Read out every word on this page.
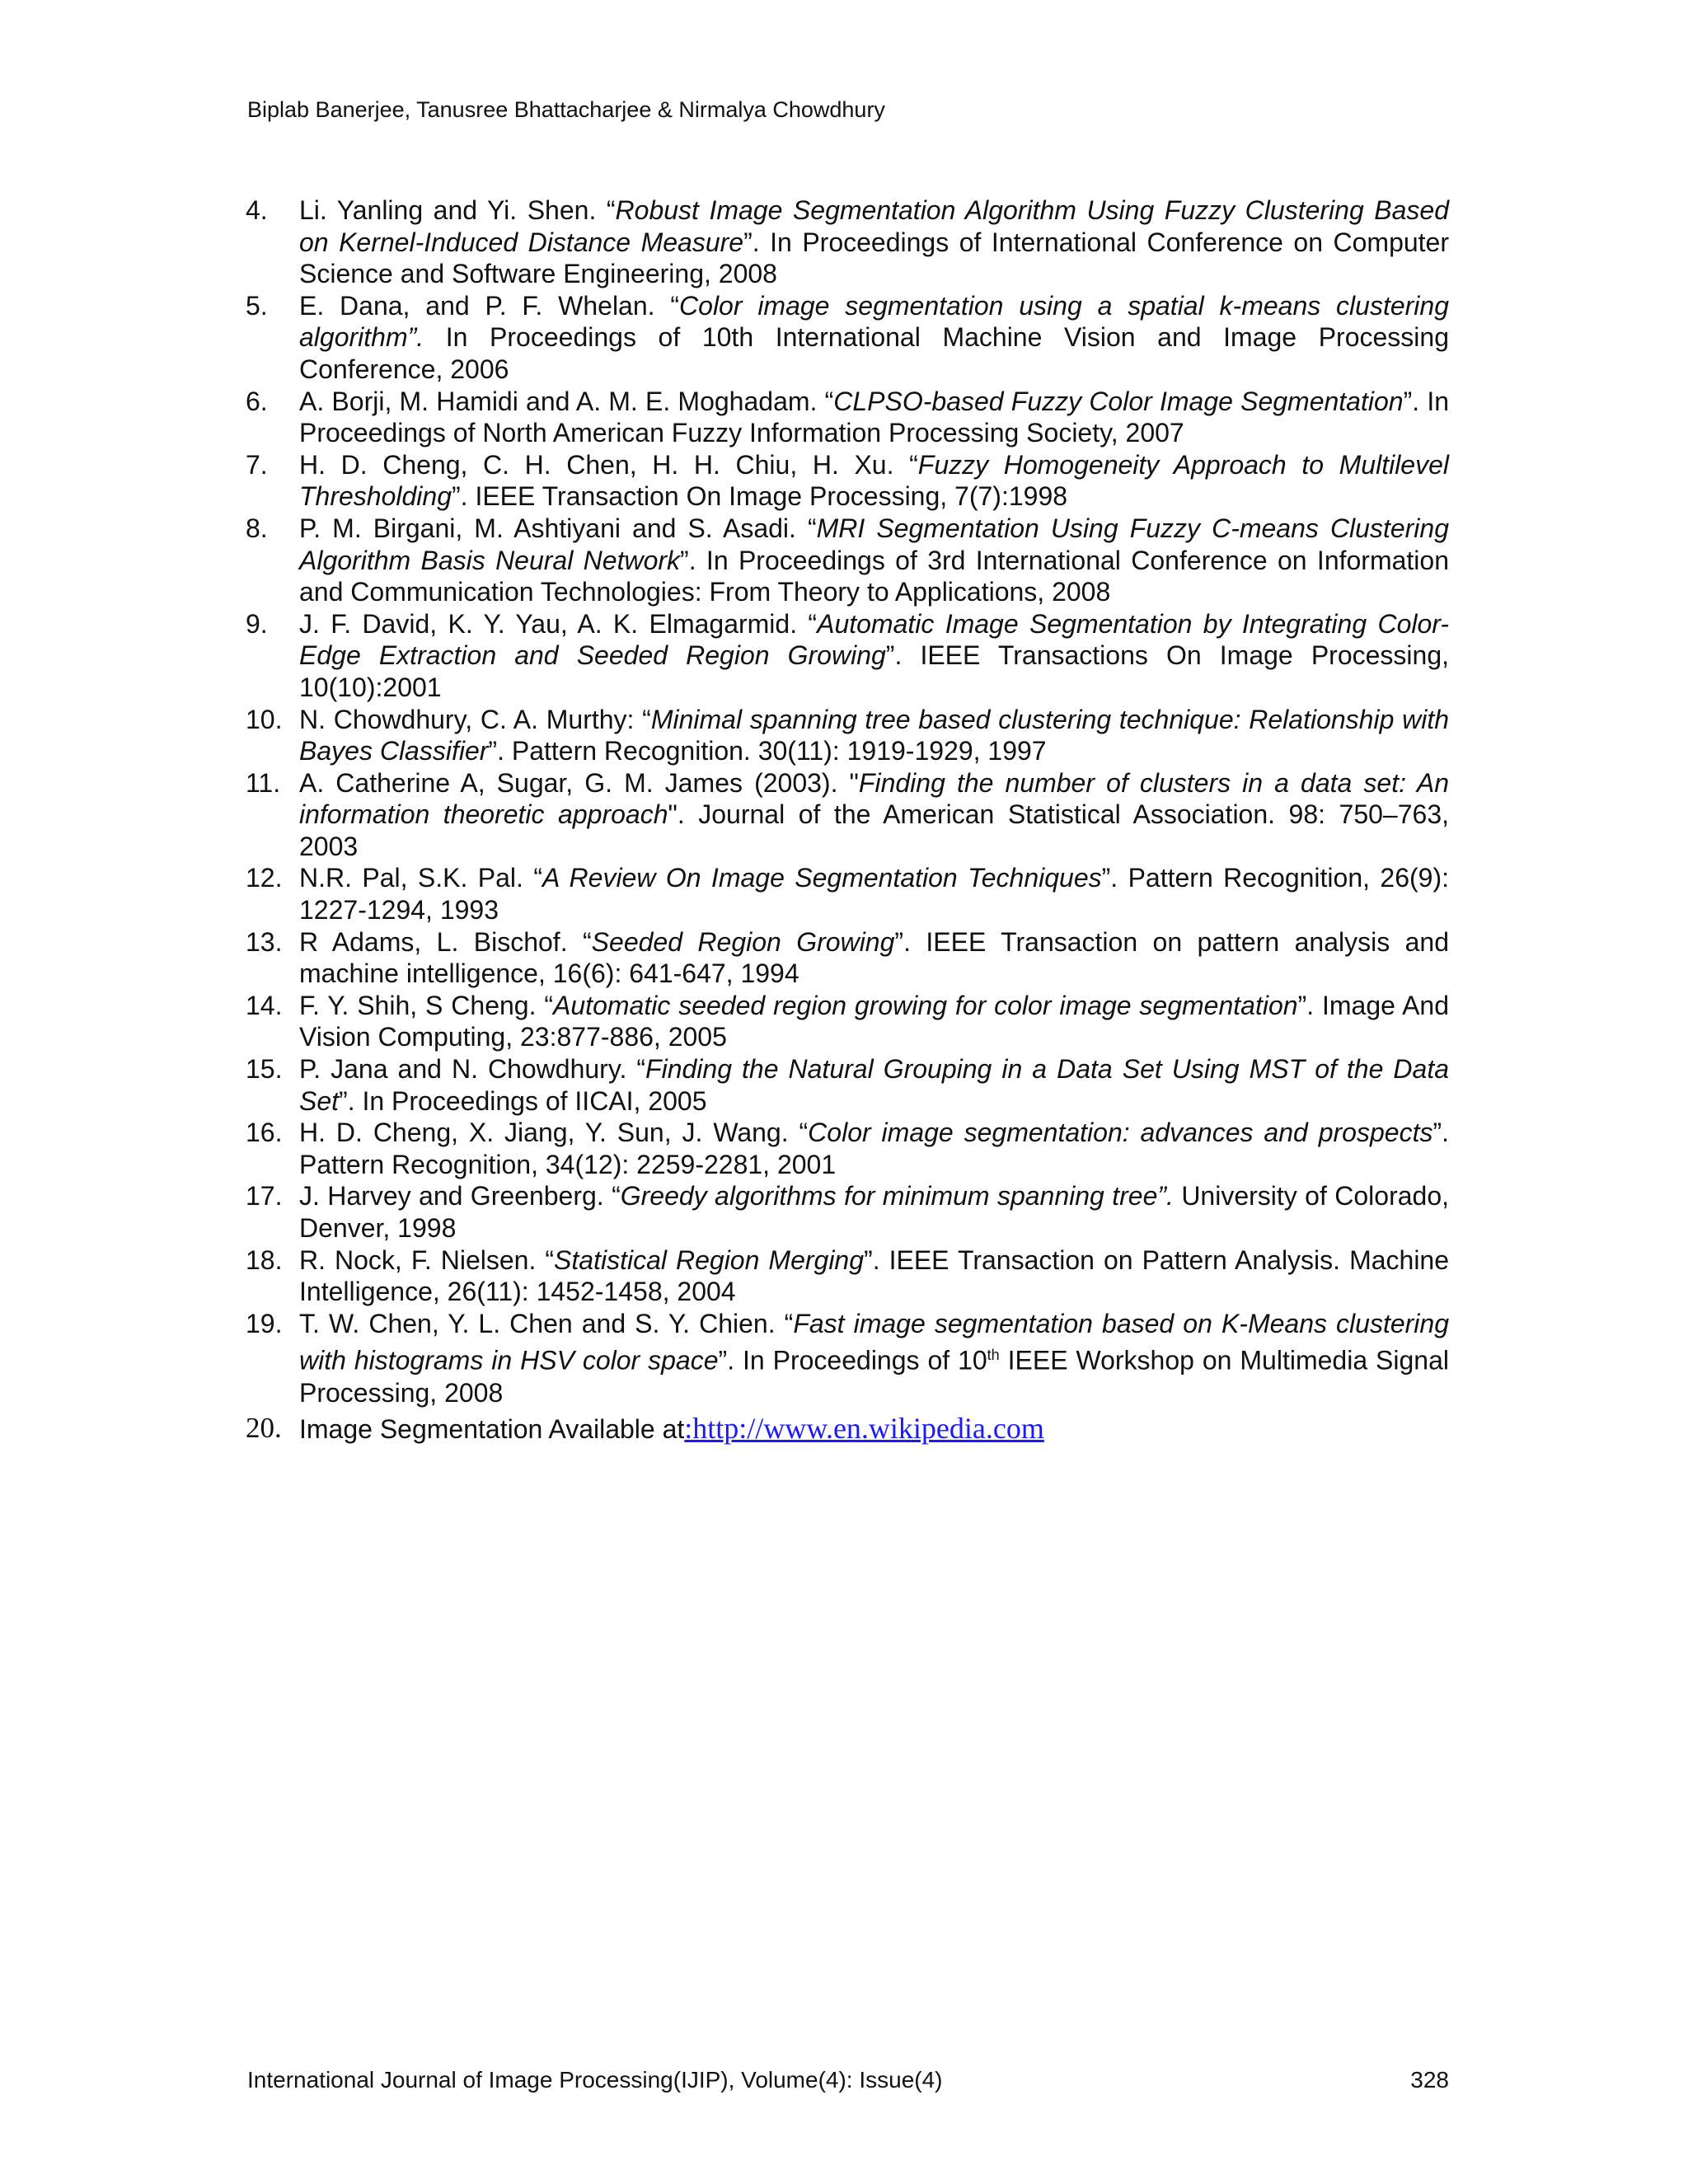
Biplab Banerjee, Tanusree Bhattacharjee & Nirmalya Chowdhury
4.	Li. Yanling and Yi. Shen. “Robust Image Segmentation Algorithm Using Fuzzy Clustering Based on Kernel-Induced Distance Measure”. In Proceedings of International Conference on Computer Science and Software Engineering, 2008
5.	E. Dana, and P. F. Whelan. “Color image segmentation using a spatial k-means clustering algorithm”. In Proceedings of 10th International Machine Vision and Image Processing Conference, 2006
6.	A. Borji, M. Hamidi and A. M. E. Moghadam. “CLPSO-based Fuzzy Color Image Segmentation”. In Proceedings of North American Fuzzy Information Processing Society, 2007
7.	H. D. Cheng, C. H. Chen, H. H. Chiu, H. Xu. “Fuzzy Homogeneity Approach to Multilevel Thresholding”. IEEE Transaction On Image Processing, 7(7):1998
8.	P. M. Birgani, M. Ashtiyani and S. Asadi. “MRI Segmentation Using Fuzzy C-means Clustering Algorithm Basis Neural Network”. In Proceedings of 3rd International Conference on Information and Communication Technologies: From Theory to Applications, 2008
9.	J. F. David, K. Y. Yau, A. K. Elmagarmid. “Automatic Image Segmentation by Integrating Color-Edge Extraction and Seeded Region Growing”. IEEE Transactions On Image Processing, 10(10):2001
10. N. Chowdhury, C. A. Murthy: “Minimal spanning tree based clustering technique: Relationship with Bayes Classifier”. Pattern Recognition. 30(11): 1919-1929, 1997
11. A. Catherine A, Sugar, G. M. James (2003). "Finding the number of clusters in a data set: An information theoretic approach". Journal of the American Statistical Association. 98: 750–763, 2003
12. N.R. Pal, S.K. Pal. “A Review On Image Segmentation Techniques”. Pattern Recognition, 26(9): 1227-1294, 1993
13. R Adams, L. Bischof. “Seeded Region Growing”. IEEE Transaction on pattern analysis and machine intelligence, 16(6): 641-647, 1994
14. F. Y. Shih, S Cheng. “Automatic seeded region growing for color image segmentation”. Image And Vision Computing, 23:877-886, 2005
15. P. Jana and N. Chowdhury. “Finding the Natural Grouping in a Data Set Using MST of the Data Set”. In Proceedings of IICAI, 2005
16. H. D. Cheng, X. Jiang, Y. Sun, J. Wang. “Color image segmentation: advances and prospects”. Pattern Recognition, 34(12): 2259-2281, 2001
17. J. Harvey and Greenberg. “Greedy algorithms for minimum spanning tree”. University of Colorado, Denver, 1998
18. R. Nock, F. Nielsen. “Statistical Region Merging”. IEEE Transaction on Pattern Analysis. Machine Intelligence, 26(11): 1452-1458, 2004
19. T. W. Chen, Y. L. Chen and S. Y. Chien. “Fast image segmentation based on K-Means clustering with histograms in HSV color space”. In Proceedings of 10th IEEE Workshop on Multimedia Signal Processing, 2008
20. Image Segmentation Available at:http://www.en.wikipedia.com
International Journal of Image Processing(IJIP), Volume(4): Issue(4)	328
